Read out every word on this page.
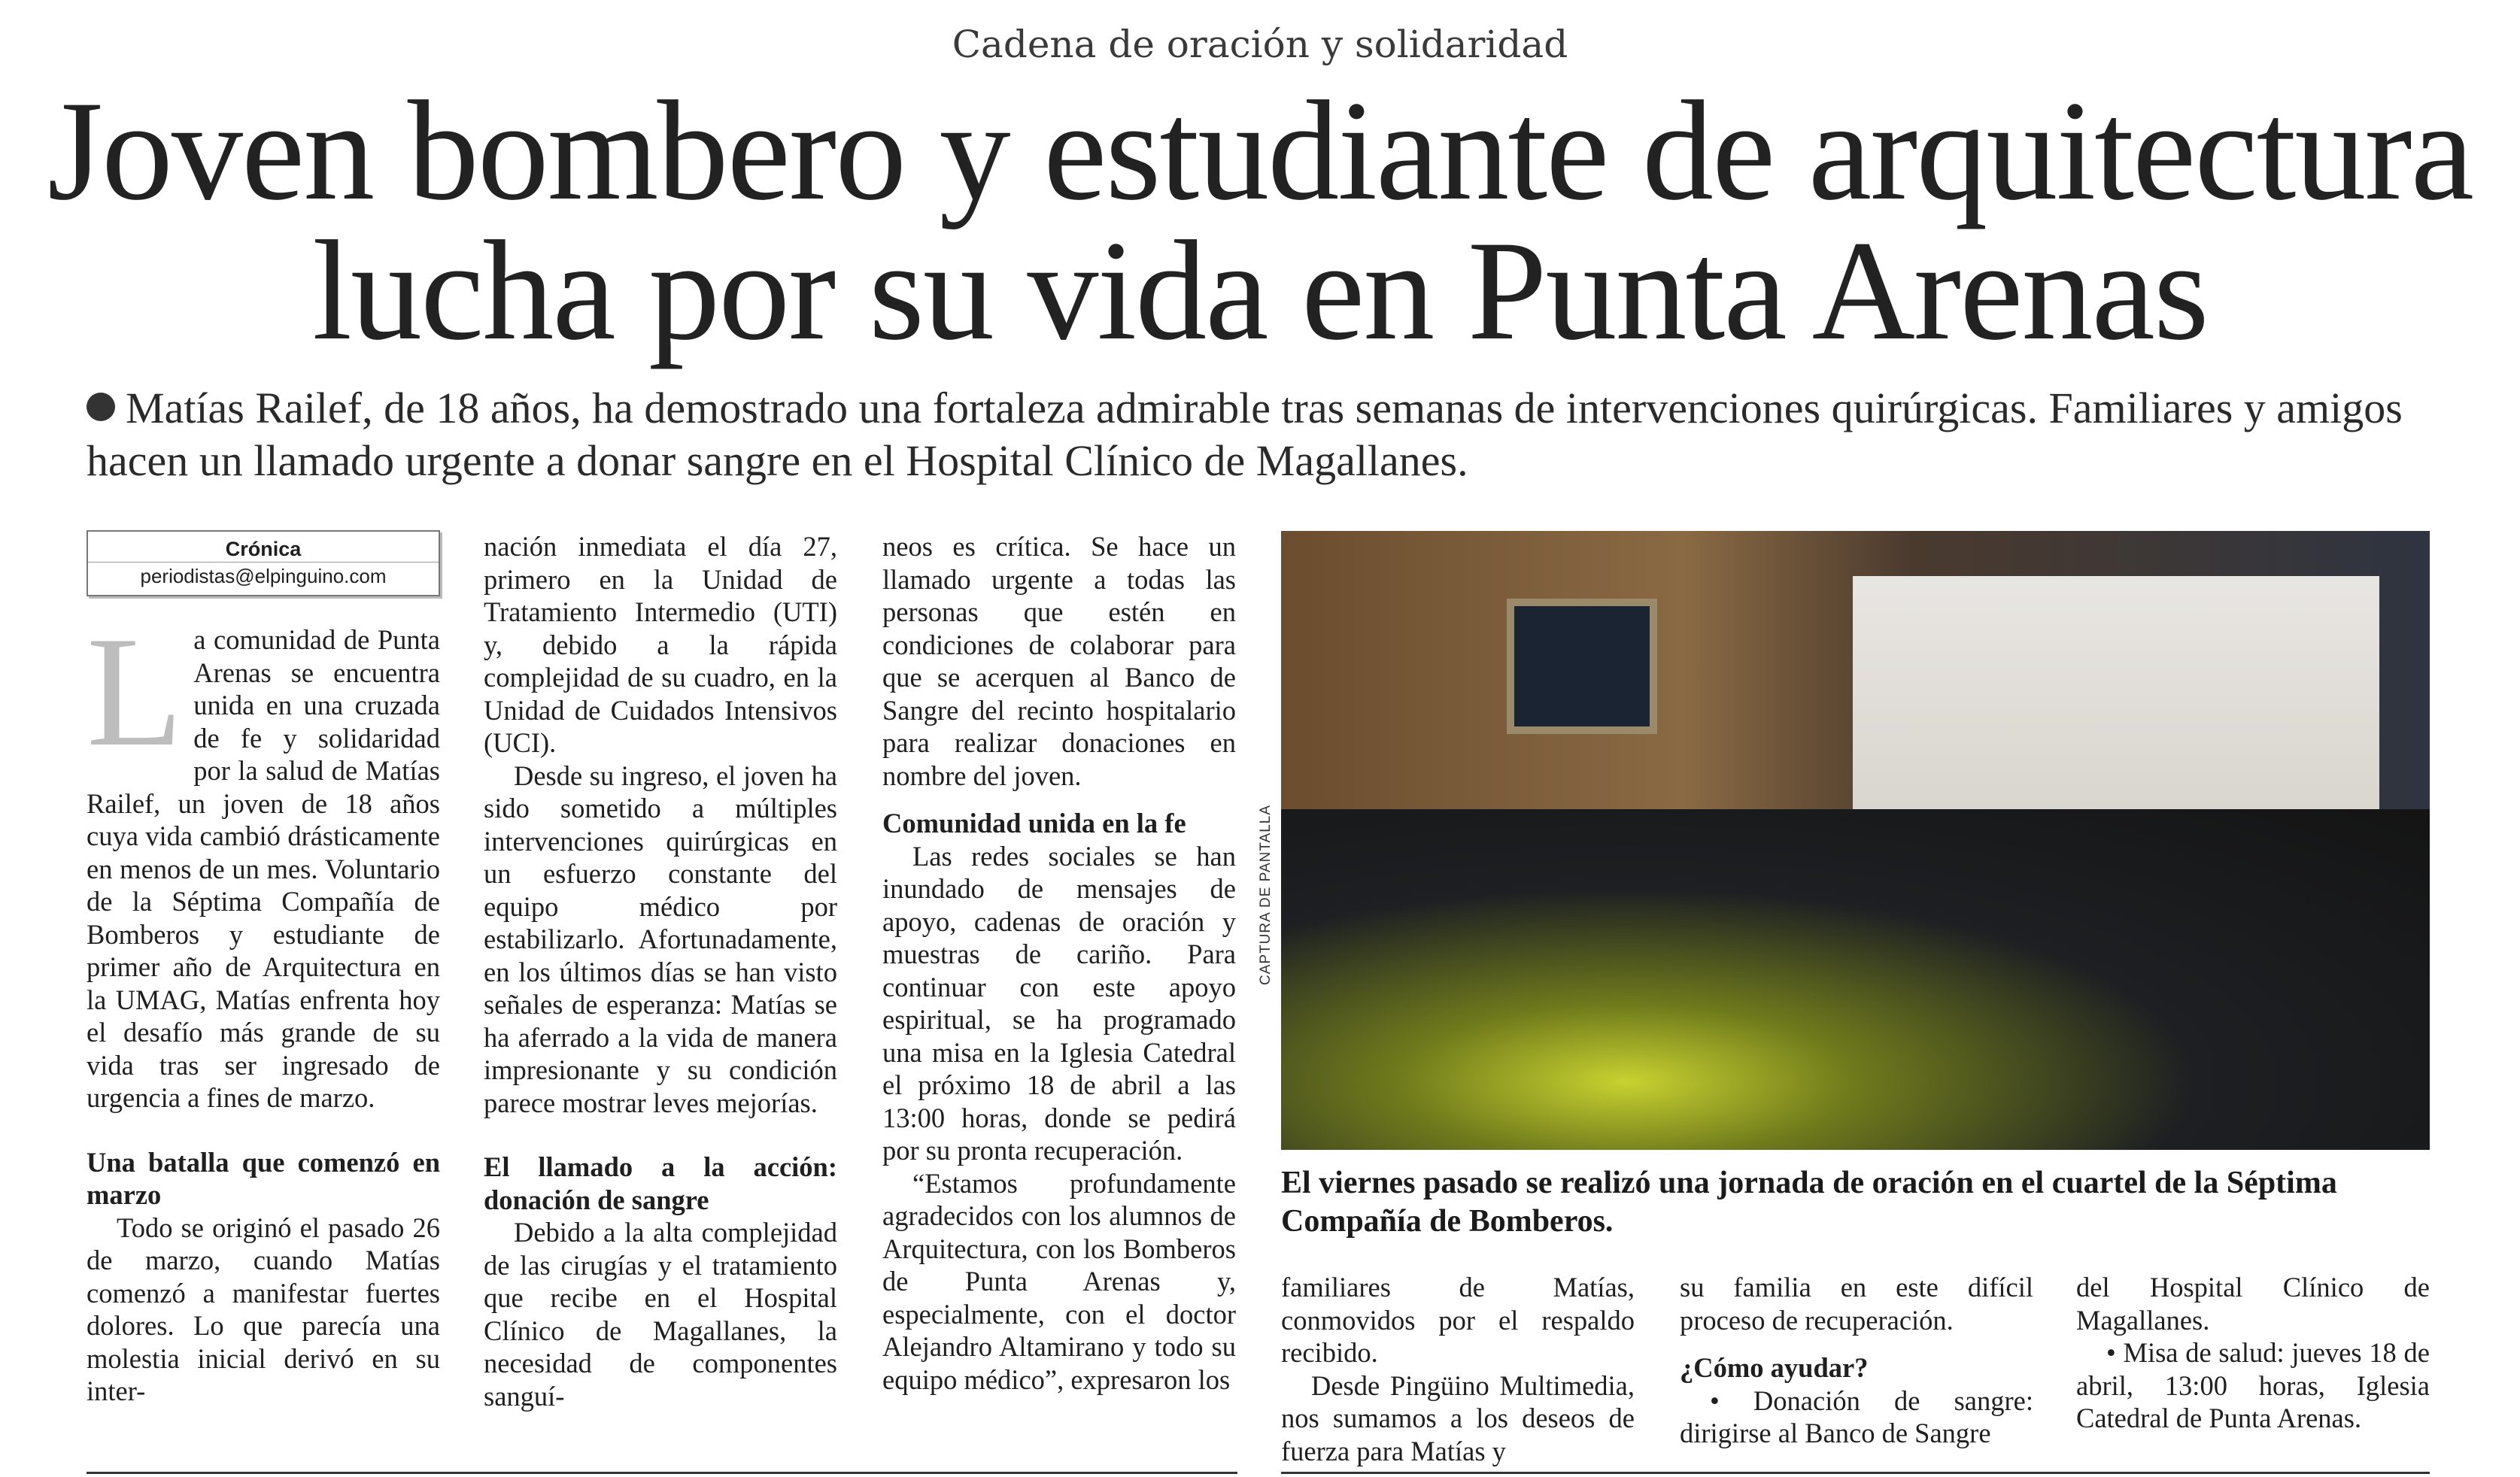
Cadena de oración y solidaridad
Joven bombero y estudiante de arquitectura
lucha por su vida en Punta Arenas
Matías Railef, de 18 años, ha demostrado una fortaleza admirable tras semanas de intervenciones quirúrgicas. Familiares y amigos hacen un llamado urgente a donar sangre en el Hospital Clínico de Magallanes.
Crónica
periodistas@elpinguino.com

La comunidad de Punta Arenas se encuentra unida en una cruzada de fe y solidaridad por la salud de Matías Railef, un joven de 18 años cuya vida cambió drásticamente en menos de un mes. Voluntario de la Séptima Compañía de Bomberos y estudiante de primer año de Arquitectura en la UMAG, Matías enfrenta hoy el desafío más grande de su vida tras ser ingresado de urgencia a fines de marzo.

Una batalla que comenzó en marzo

Todo se originó el pasado 26 de marzo, cuando Matías comenzó a manifestar fuertes dolores. Lo que parecía una molestia inicial derivó en su inter-

nación inmediata el día 27, primero en la Unidad de Tratamiento Intermedio (UTI) y, debido a la rápida complejidad de su cuadro, en la Unidad de Cuidados Intensivos (UCI).

Desde su ingreso, el joven ha sido sometido a múltiples intervenciones quirúrgicas en un esfuerzo constante del equipo médico por estabilizarlo. Afortunadamente, en los últimos días se han visto señales de esperanza: Matías se ha aferrado a la vida de manera impresionante y su condición parece mostrar leves mejorías.

El llamado a la acción: donación de sangre

Debido a la alta complejidad de las cirugías y el tratamiento que recibe en el Hospital Clínico de Magallanes, la necesidad de componentes sanguí-

neos es crítica. Se hace un llamado urgente a todas las personas que estén en condiciones de colaborar para que se acerquen al Banco de Sangre del recinto hospitalario para realizar donaciones en nombre del joven.

Comunidad unida en la fe

Las redes sociales se han inundado de mensajes de apoyo, cadenas de oración y muestras de cariño. Para continuar con este apoyo espiritual, se ha programado una misa en la Iglesia Catedral el próximo 18 de abril a las 13:00 horas, donde se pedirá por su pronta recuperación.

“Estamos profundamente agradecidos con los alumnos de Arquitectura, con los Bomberos de Punta Arenas y, especialmente, con el doctor Alejandro Altamirano y todo su equipo médico”, expresaron los

CAPTURA DE PANTALLA
El viernes pasado se realizó una jornada de oración en el cuartel de la Séptima Compañía de Bomberos.

familiares de Matías, conmovidos por el respaldo recibido.

Desde Pingüino Multimedia, nos sumamos a los deseos de fuerza para Matías y

su familia en este difícil proceso de recuperación.

¿Cómo ayudar?

• Donación de sangre: dirigirse al Banco de Sangre

del Hospital Clínico de Magallanes.

• Misa de salud: jueves 18 de abril, 13:00 horas, Iglesia Catedral de Punta Arenas.
